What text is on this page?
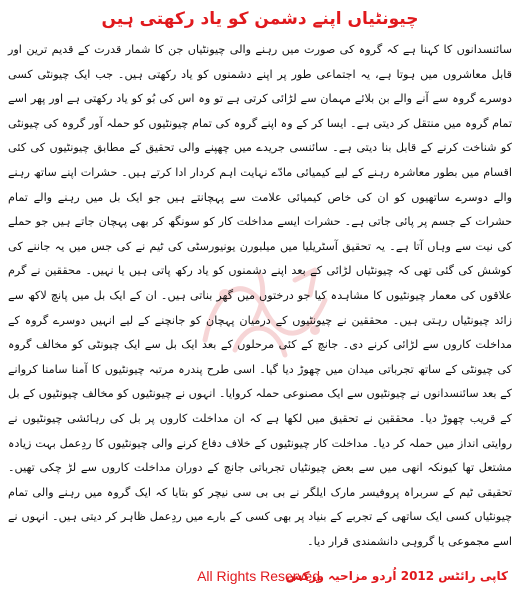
چیونٹیاں اپنے دشمن کو یاد رکھتی ہیں

سائنسدانوں کا کہنا ہے کہ گروہ کی صورت میں رہنے والی چیونٹیاں جن کا شمار قدرت کے قدیم ترین اور قابل معاشروں میں ہوتا ہے، یہ اجتماعی طور پر اپنے دشمنوں کو یاد رکھتی ہیں۔ جب ایک چیونٹی کسی دوسرے گروہ سے آنے والے بن بلائے مہمان سے لڑائی کرتی ہے تو وہ اس کی بُو کو یاد رکھتی ہے اور پھر اسے تمام گروہ میں منتقل کر دیتی ہے۔ ایسا کر کے وہ اپنے گروہ کی تمام چیونٹیوں کو حملہ آور گروہ کی چیونٹی کو شناخت کرنے کے قابل بنا دیتی ہے۔ سائنسی جریدے میں چھپنے والی تحقیق کے مطابق چیونٹیوں کی کئی اقسام میں بطور معاشرہ رہنے کے لیے کیمیائی مادّے نہایت اہم کردار ادا کرتے ہیں۔ حشرات اپنے ساتھ رہنے والے دوسرے ساتھیوں کو ان کی خاص کیمیائی علامت سے پہچانتے ہیں جو ایک بل میں رہنے والے تمام حشرات کے جسم پر پائی جاتی ہے۔ حشرات ایسے مداخلت کار کو سونگھ کر بھی پہچان جاتے ہیں جو حملے کی نیت سے وہاں آتا ہے۔ یہ تحقیق آسٹریلیا میں میلبورن یونیورسٹی کی ٹیم نے کی جس میں یہ جاننے کی کوشش کی گئی تھی کہ چیونٹیاں لڑائی کے بعد اپنے دشمنوں کو یاد رکھ پاتی ہیں یا نہیں۔ محققین نے گرم علاقوں کی معمار چیونٹیوں کا مشاہدہ کیا جو درختوں میں گھر بناتی ہیں۔ ان کے ایک بل میں پانچ لاکھ سے زائد چیونٹیاں رہتی ہیں۔ محققین نے چیونٹیوں کے درمیان پہچان کو جانچنے کے لیے انہیں دوسرے گروہ کے مداخلت کاروں سے لڑائی کرنے دی۔ جانچ کے کئی مرحلوں کے بعد ایک بل سے ایک چیونٹی کو مخالف گروہ کی چیونٹی کے ساتھ تجرباتی میدان میں چھوڑ دیا گیا۔ اسی طرح پندرہ مرتبہ چیونٹیوں کا آمنا سامنا کروانے کے بعد سائنسدانوں نے چیونٹیوں سے ایک مصنوعی حملہ کروایا۔ انہوں نے چیونٹیوں کو مخالف چیونٹیوں کے بل کے قریب چھوڑ دیا۔ محققین نے تحقیق میں لکھا ہے کہ ان مداخلت کاروں پر بل کی رہائشی چیونٹیوں نے روایتی انداز میں حملہ کر دیا۔ مداخلت کار چیونٹیوں کے خلاف دفاع کرنے والی چیونٹیوں کا ردِعمل بہت زیادہ مشتعل تھا کیونکہ انھی میں سے بعض چیونٹیاں تجرباتی جانچ کے دوران مداخلت کاروں سے لڑ چکی تھیں۔ تحقیقی ٹیم کے سربراہ پروفیسر مارک ایلگر نے بی بی سی نیچر کو بتایا کہ ایک گروہ میں رہنے والی تمام چیونٹیاں کسی ایک ساتھی کے تجربے کے بنیاد پر بھی کسی کے بارے میں ردِعمل ظاہر کر دیتی ہیں۔ انہوں نے اسے مجموعی یا گروہی دانشمندی قرار دیا۔

All Rights Reserved
کاپی رائٹس 2012 اُردو مزاحیہ ورکس
